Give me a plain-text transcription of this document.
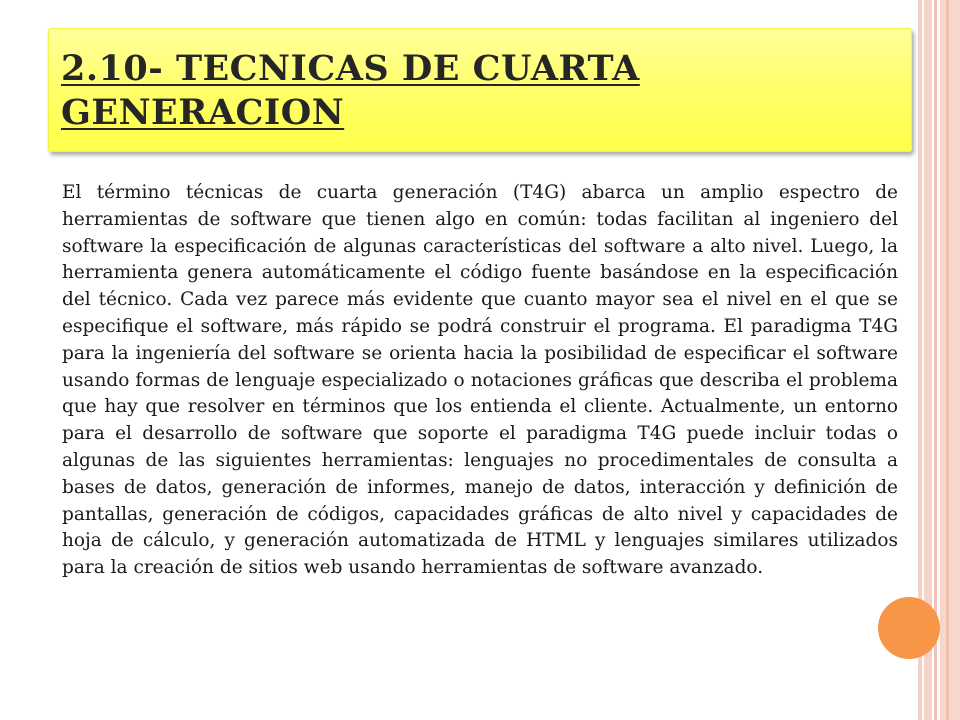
2.10- TECNICAS DE CUARTA
GENERACION

El término técnicas de cuarta generación (T4G) abarca un amplio espectro de herramientas de software que tienen algo en común: todas facilitan al ingeniero del software la especificación de algunas características del software a alto nivel. Luego, la herramienta genera automáticamente el código fuente basándose en la especificación del técnico. Cada vez parece más evidente que cuanto mayor sea el nivel en el que se especifique el software, más rápido se podrá construir el programa. El paradigma T4G para la ingeniería del software se orienta hacia la posibilidad de especificar el software usando formas de lenguaje especializado o notaciones gráficas que describa el problema que hay que resolver en términos que los entienda el cliente. Actualmente, un entorno para el desarrollo de software que soporte el paradigma T4G puede incluir todas o algunas de las siguientes herramientas: lenguajes no procedimentales de consulta a bases de datos, generación de informes, manejo de datos, interacción y definición de pantallas, generación de códigos, capacidades gráficas de alto nivel y capacidades de hoja de cálculo, y generación automatizada de HTML y lenguajes similares utilizados para la creación de sitios web usando herramientas de software avanzado.
